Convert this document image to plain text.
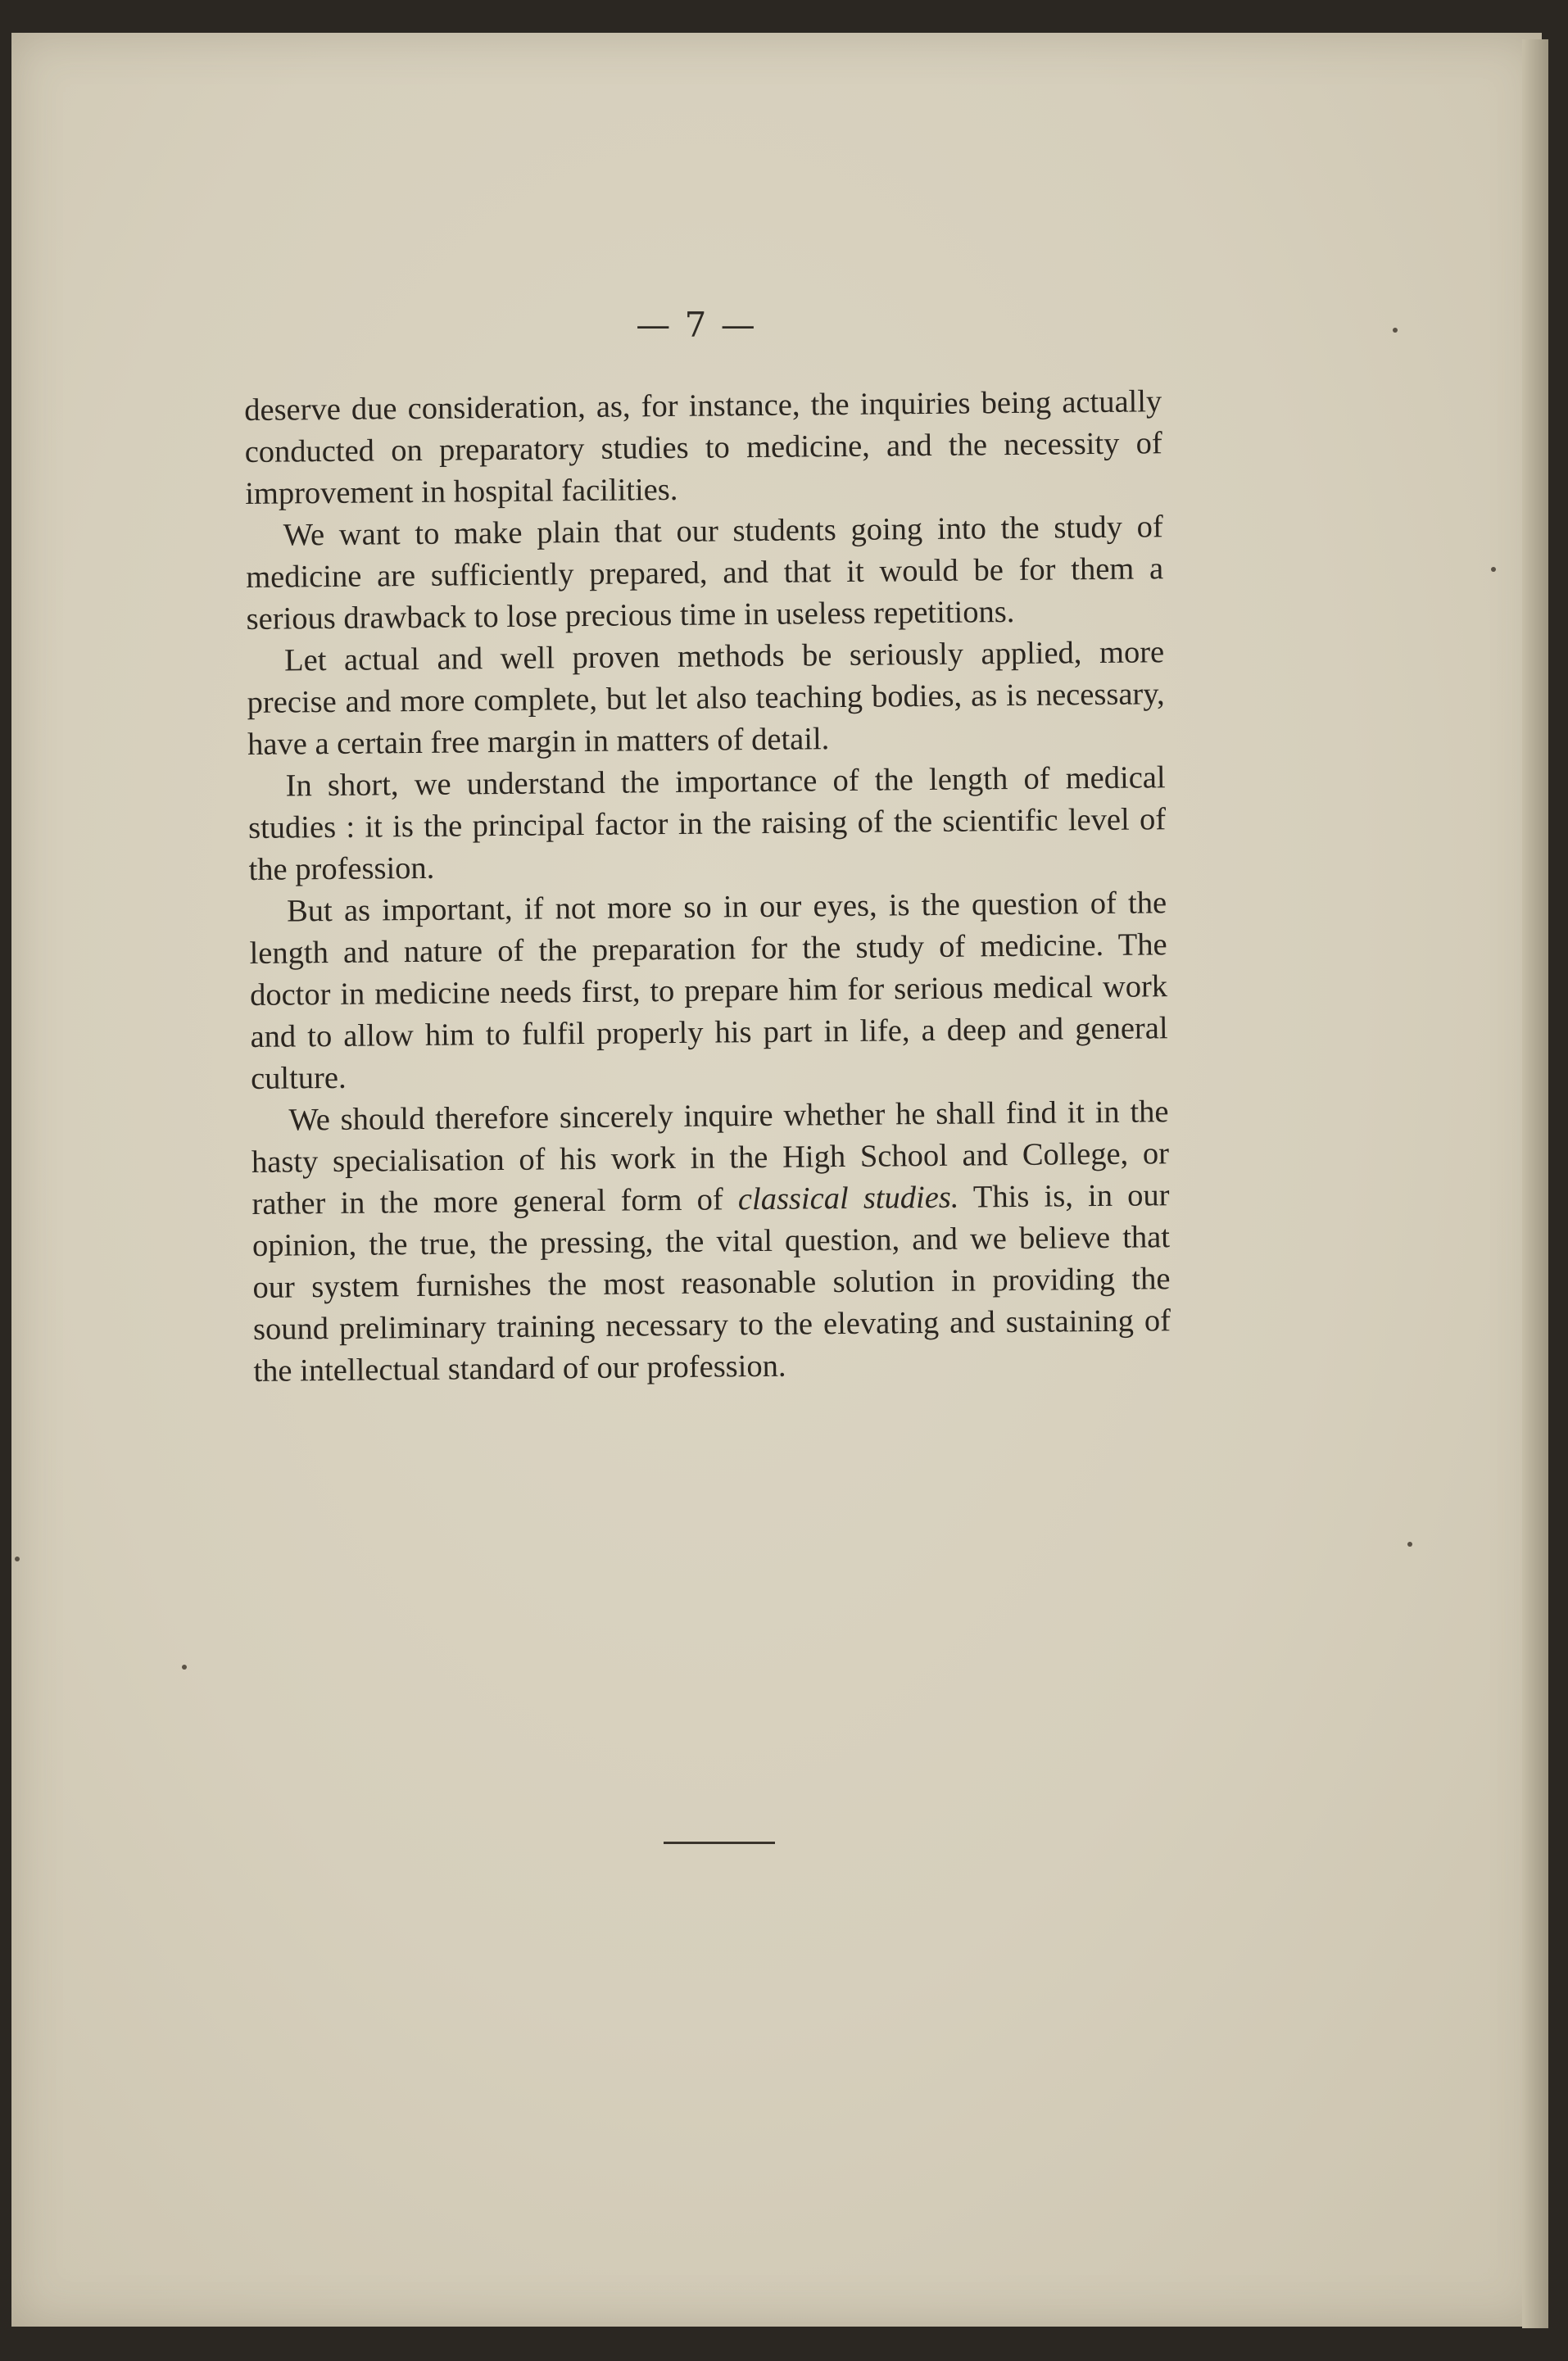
— 7 —

deserve due consideration, as, for instance, the inquiries being actually conducted on preparatory studies to medicine, and the necessity of improvement in hospital facilities.

We want to make plain that our students going into the study of medicine are sufficiently prepared, and that it would be for them a serious drawback to lose precious time in useless repetitions.

Let actual and well proven methods be seriously applied, more precise and more complete, but let also teaching bodies, as is necessary, have a certain free margin in matters of detail.

In short, we understand the importance of the length of medical studies : it is the principal factor in the raising of the scientific level of the profession.

But as important, if not more so in our eyes, is the question of the length and nature of the preparation for the study of medicine. The doctor in medicine needs first, to prepare him for serious medical work and to allow him to fulfil properly his part in life, a deep and general culture.

We should therefore sincerely inquire whether he shall find it in the hasty specialisation of his work in the High School and College, or rather in the more general form of classical studies. This is, in our opinion, the true, the pressing, the vital question, and we believe that our system furnishes the most reasonable solution in providing the sound preliminary training necessary to the elevating and sustaining of the intellectual standard of our profession.
